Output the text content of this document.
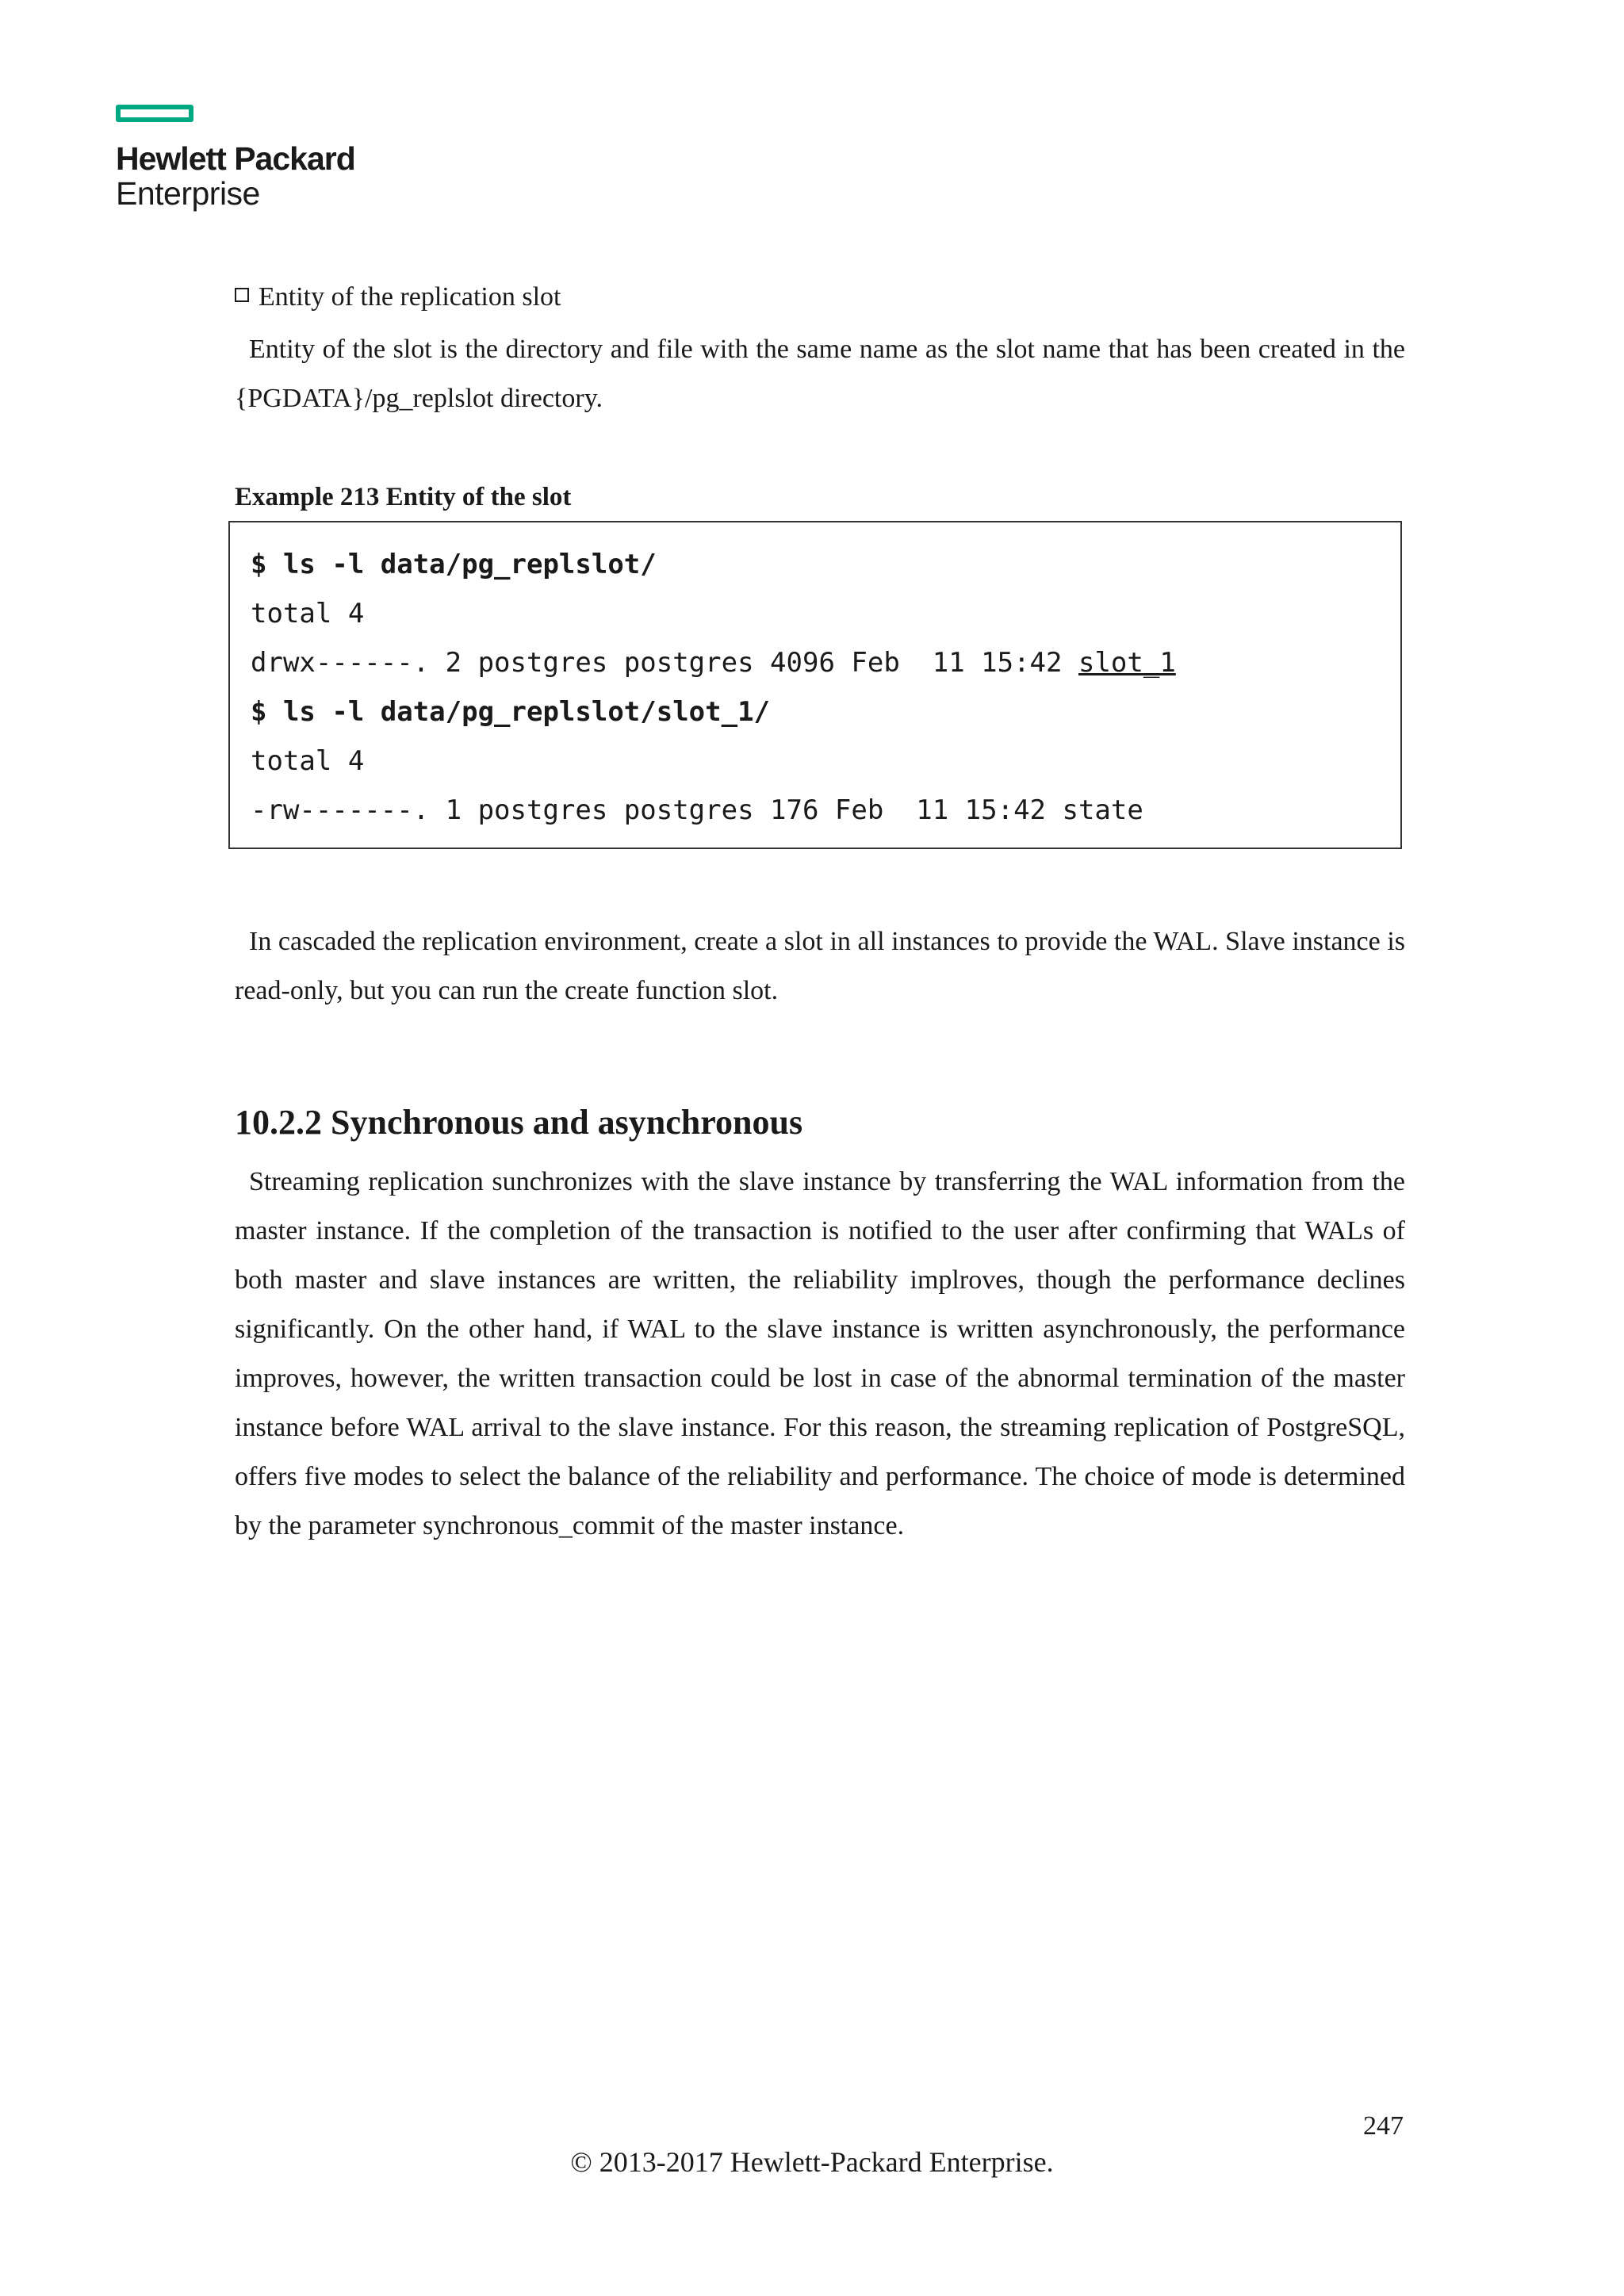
Hewlett Packard
Enterprise
Entity of the replication slot
Entity of the slot is the directory and file with the same name as the slot name that has been created in the {PGDATA}/pg_replslot directory.
Example 213 Entity of the slot
$ ls -l data/pg_replslot/
total 4
drwx------. 2 postgres postgres 4096 Feb  11 15:42 slot_1
$ ls -l data/pg_replslot/slot_1/
total 4
-rw-------. 1 postgres postgres 176 Feb  11 15:42 state
In cascaded the replication environment, create a slot in all instances to provide the WAL. Slave instance is read-only, but you can run the create function slot.
10.2.2 Synchronous and asynchronous
Streaming replication sunchronizes with the slave instance by transferring the WAL information from the master instance. If the completion of the transaction is notified to the user after confirming that WALs of both master and slave instances are written, the reliability implroves, though the performance declines significantly. On the other hand, if WAL to the slave instance is written asynchronously, the performance improves, however, the written transaction could be lost in case of the abnormal termination of the master instance before WAL arrival to the slave instance. For this reason, the streaming replication of PostgreSQL, offers five modes to select the balance of the reliability and performance. The choice of mode is determined by the parameter synchronous_commit of the master instance.
247
© 2013-2017 Hewlett-Packard Enterprise.
